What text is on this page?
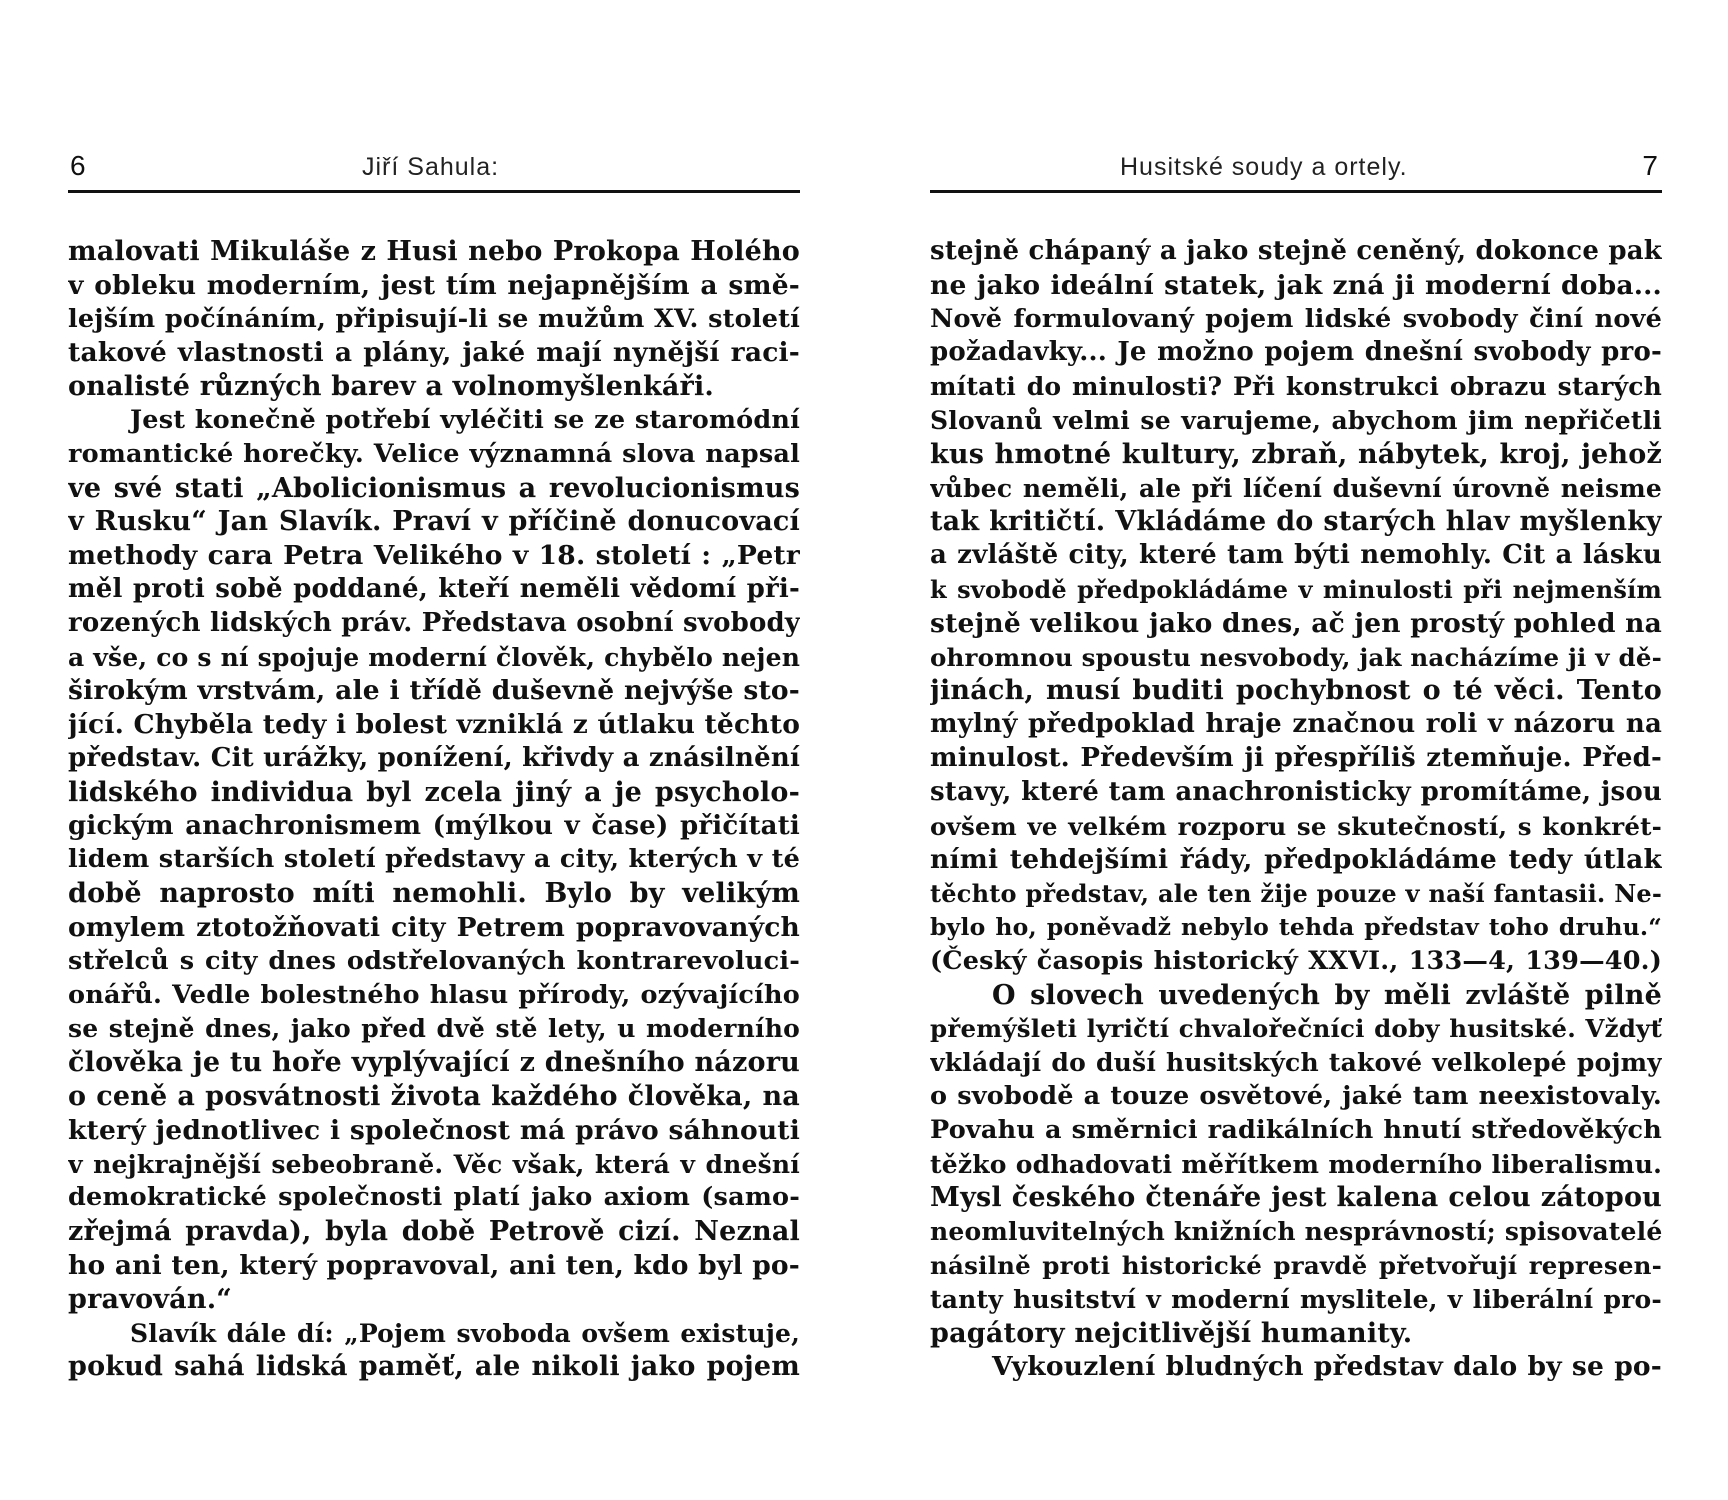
6	Jiří Sahula:
malovati Mikuláše z Husi nebo Prokopa Holého
v obleku moderním, jest tím nejapnějším a smě-
lejším počínáním, připisují-li se mužům XV. století
takové vlastnosti a plány, jaké mají nynější raci-
onalisté různých barev a volnomyšlenkáři.
Jest konečně potřebí vyléčiti se ze staromódní
romantické horečky. Velice významná slova napsal
ve své stati „Abolicionismus a revolucionismus
v Rusku“ Jan Slavík. Praví v příčině donucovací
methody cara Petra Velikého v 18. století : „Petr
měl proti sobě poddané, kteří neměli vědomí při-
rozených lidských práv. Představa osobní svobody
a vše, co s ní spojuje moderní člověk, chybělo nejen
širokým vrstvám, ale i třídě duševně nejvýše sto-
jící. Chyběla tedy i bolest vzniklá z útlaku těchto
představ. Cit urážky, ponížení, křivdy a znásilnění
lidského individua byl zcela jiný a je psycholo-
gickým anachronismem (mýlkou v čase) přičítati
lidem starších století představy a city, kterých v té
době naprosto míti nemohli. Bylo by velikým
omylem ztotožňovati city Petrem popravovaných
střelců s city dnes odstřelovaných kontrarevoluci-
onářů. Vedle bolestného hlasu přírody, ozývajícího
se stejně dnes, jako před dvě stě lety, u moderního
člověka je tu hoře vyplývající z dnešního názoru
o ceně a posvátnosti života každého člověka, na
který jednotlivec i společnost má právo sáhnouti
v nejkrajnější sebeobraně. Věc však, která v dnešní
demokratické společnosti platí jako axiom (samo-
zřejmá pravda), byla době Petrově cizí. Neznal
ho ani ten, který popravoval, ani ten, kdo byl po-
pravován.“
Slavík dále dí: „Pojem svoboda ovšem existuje,
pokud sahá lidská paměť, ale nikoli jako pojem
Husitské soudy a ortely.	7
stejně chápaný a jako stejně ceněný, dokonce pak
ne jako ideální statek, jak zná ji moderní doba...
Nově formulovaný pojem lidské svobody činí nové
požadavky... Je možno pojem dnešní svobody pro-
mítati do minulosti? Při konstrukci obrazu starých
Slovanů velmi se varujeme, abychom jim nepřičetli
kus hmotné kultury, zbraň, nábytek, kroj, jehož
vůbec neměli, ale při líčení duševní úrovně neisme
tak kritičtí. Vkládáme do starých hlav myšlenky
a zvláště city, které tam býti nemohly. Cit a lásku
k svobodě předpokládáme v minulosti při nejmenším
stejně velikou jako dnes, ač jen prostý pohled na
ohromnou spoustu nesvobody, jak nacházíme ji v dě-
jinách, musí buditi pochybnost o té věci. Tento
mylný předpoklad hraje značnou roli v názoru na
minulost. Především ji přespříliš ztemňuje. Před-
stavy, které tam anachronisticky promítáme, jsou
ovšem ve velkém rozporu se skutečností, s konkrét-
ními tehdejšími řády, předpokládáme tedy útlak
těchto představ, ale ten žije pouze v naší fantasii. Ne-
bylo ho, poněvadž nebylo tehda představ toho druhu.“
(Český časopis historický XXVI., 133—4, 139—40.)
O slovech uvedených by měli zvláště pilně
přemýšleti lyričtí chvalořečníci doby husitské. Vždyť
vkládají do duší husitských takové velkolepé pojmy
o svobodě a touze osvětové, jaké tam neexistovaly.
Povahu a směrnici radikálních hnutí středověkých
těžko odhadovati měřítkem moderního liberalismu.
Mysl českého čtenáře jest kalena celou zátopou
neomluvitelných knižních nesprávností; spisovatelé
násilně proti historické pravdě přetvořují represen-
tanty husitství v moderní myslitele, v liberální pro-
pagátory nejcitlivější humanity.
Vykouzlení bludných představ dalo by se po-
